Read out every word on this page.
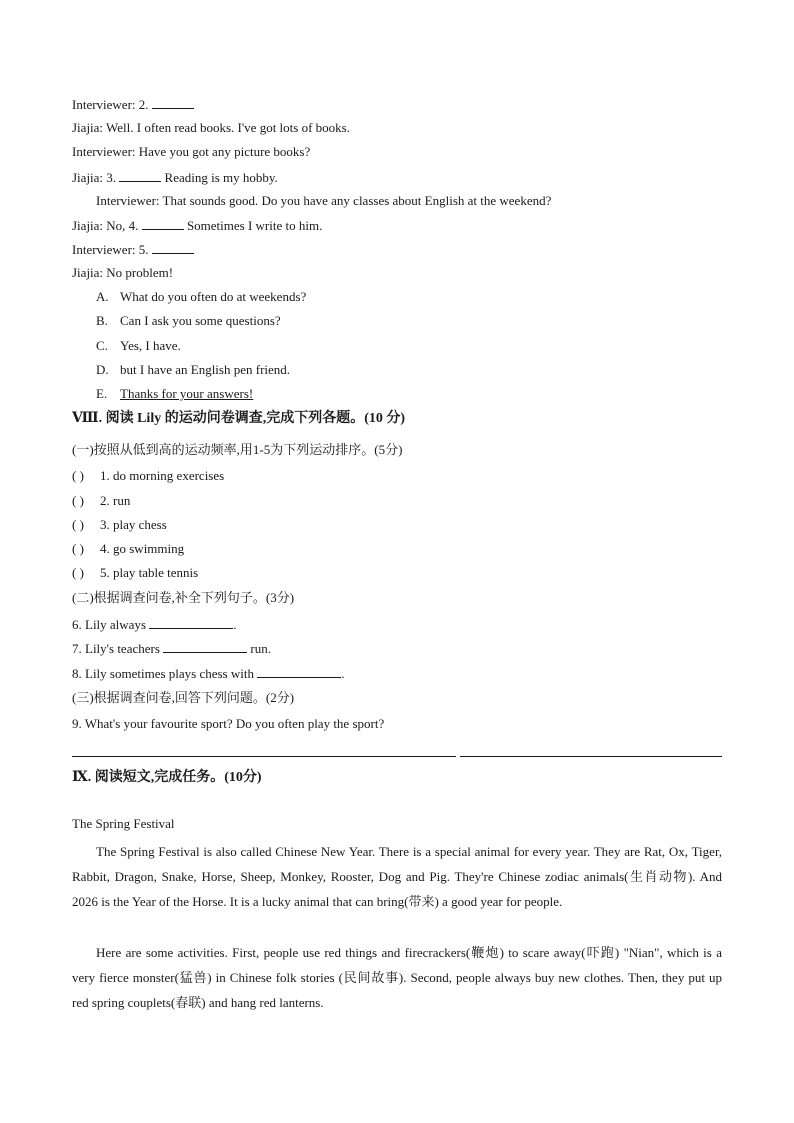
Interviewer: 2.
Jiajia: Well. I often read books. I've got lots of books.
Interviewer: Have you got any picture books?
Jiajia: 3.	Reading is my hobby.
Interviewer: That sounds good. Do you have any classes about English at the weekend?
Jiajia: No, 4.	Sometimes I write to him.
Interviewer: 5.
Jiajia: No problem!
A. What do you often do at weekends?
B. Can I ask you some questions?
C. Yes, I have.
D. but I have an English pen friend.
E. Thanks for your answers!
Ⅷ. 阅读 Lily 的运动问卷调查,完成下列各题。(10 分)
(一)按照从低到高的运动频率,用1-5为下列运动排序。(5分)
( ) 1. do morning exercises
( ) 2. run
( ) 3. play chess
( ) 4. go swimming
( ) 5. play table tennis
(二)根据调查问卷,补全下列句子。(3分)
6. Lily always	.
7. Lily's teachers	run.
8. Lily sometimes plays chess with	.
(三)根据调查问卷,回答下列问题。(2分)
9. What's your favourite sport? Do you often play the sport?
Ⅸ. 阅读短文,完成任务。(10分)
The Spring Festival
The Spring Festival is also called Chinese New Year. There is a special animal for every year. They are Rat, Ox, Tiger, Rabbit, Dragon, Snake, Horse, Sheep, Monkey, Rooster, Dog and Pig. They're Chinese zodiac animals(生肖动物). And 2026 is the Year of the Horse. It is a lucky animal that can bring(带来) a good year for people.
Here are some activities. First, people use red things and firecrackers(鞭炮) to scare away(吓跑) "Nian", which is a very fierce monster(猛兽) in Chinese folk stories (民间故事). Second, people always buy new clothes. Then, they put up red spring couplets(春联) and hang red lanterns.
